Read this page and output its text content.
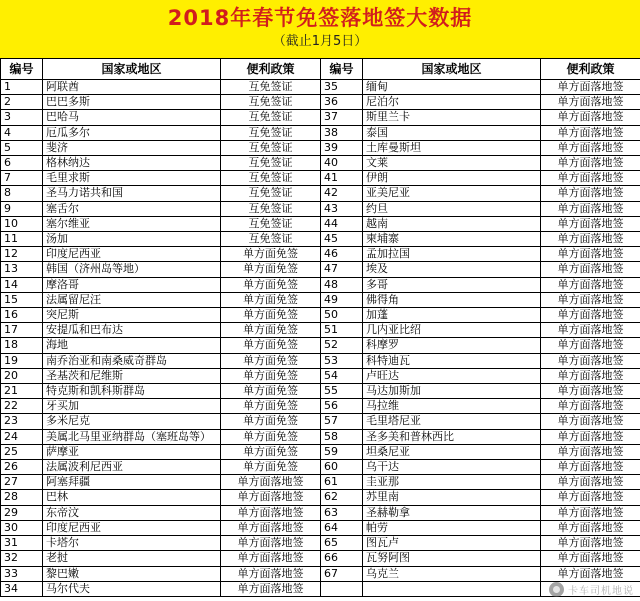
2018年春节免签落地签大数据
（截止1月5日）
编号	国家或地区	便利政策	编号	国家或地区	便利政策
1	阿联酋	互免签证	35	缅甸	单方面落地签
2	巴巴多斯	互免签证	36	尼泊尔	单方面落地签
3	巴哈马	互免签证	37	斯里兰卡	单方面落地签
4	厄瓜多尔	互免签证	38	泰国	单方面落地签
5	斐济	互免签证	39	土库曼斯坦	单方面落地签
6	格林纳达	互免签证	40	文莱	单方面落地签
7	毛里求斯	互免签证	41	伊朗	单方面落地签
8	圣马力诺共和国	互免签证	42	亚美尼亚	单方面落地签
9	塞舌尔	互免签证	43	约旦	单方面落地签
10	塞尔维亚	互免签证	44	越南	单方面落地签
11	汤加	互免签证	45	柬埔寨	单方面落地签
12	印度尼西亚	单方面免签	46	孟加拉国	单方面落地签
13	韩国（济州岛等地）	单方面免签	47	埃及	单方面落地签
14	摩洛哥	单方面免签	48	多哥	单方面落地签
15	法属留尼汪	单方面免签	49	佛得角	单方面落地签
16	突尼斯	单方面免签	50	加蓬	单方面落地签
17	安提瓜和巴布达	单方面免签	51	几内亚比绍	单方面落地签
18	海地	单方面免签	52	科摩罗	单方面落地签
19	南乔治亚和南桑威奇群岛	单方面免签	53	科特迪瓦	单方面落地签
20	圣基茨和尼维斯	单方面免签	54	卢旺达	单方面落地签
21	特克斯和凯科斯群岛	单方面免签	55	马达加斯加	单方面落地签
22	牙买加	单方面免签	56	马拉维	单方面落地签
23	多米尼克	单方面免签	57	毛里塔尼亚	单方面落地签
24	美属北马里亚纳群岛（塞班岛等）	单方面免签	58	圣多美和普林西比	单方面落地签
25	萨摩亚	单方面免签	59	坦桑尼亚	单方面落地签
26	法属波利尼西亚	单方面免签	60	乌干达	单方面落地签
27	阿塞拜疆	单方面落地签	61	圭亚那	单方面落地签
28	巴林	单方面落地签	62	苏里南	单方面落地签
29	东帝汶	单方面落地签	63	圣赫勒拿	单方面落地签
30	印度尼西亚	单方面落地签	64	帕劳	单方面落地签
31	卡塔尔	单方面落地签	65	图瓦卢	单方面落地签
32	老挝	单方面落地签	66	瓦努阿图	单方面落地签
33	黎巴嫩	单方面落地签	67	乌克兰	单方面落地签
34	马尔代夫	单方面落地签				卡车司机地说
